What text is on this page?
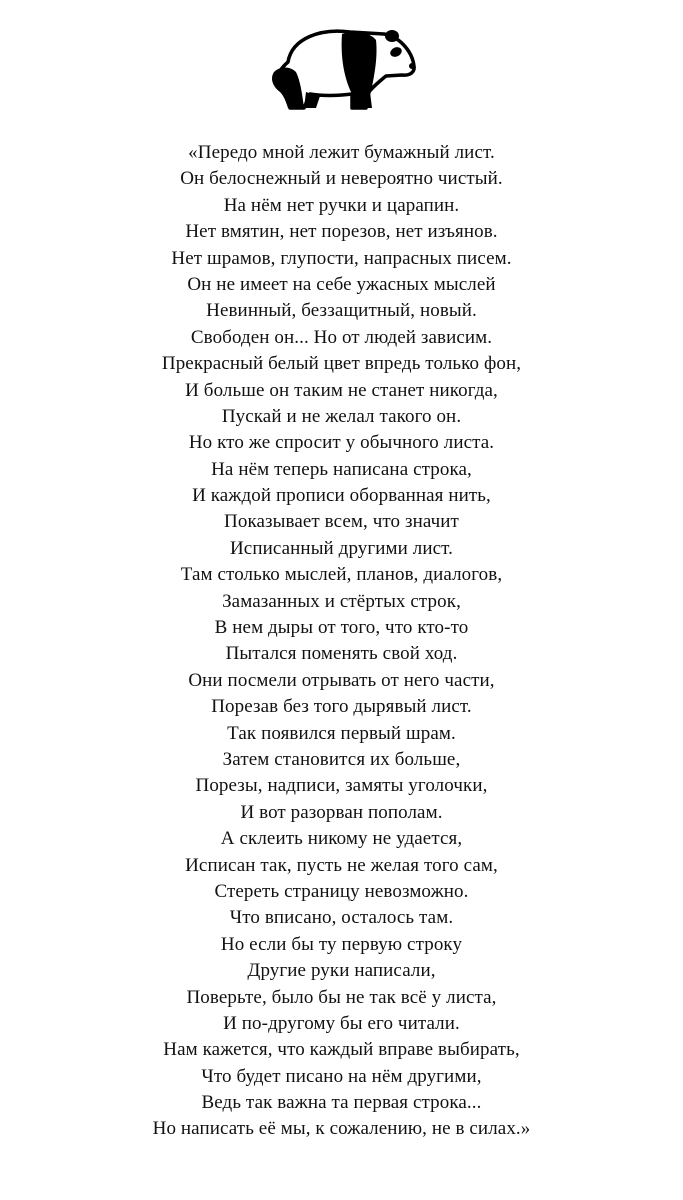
«Передо мной лежит бумажный лист.
Он белоснежный и невероятно чистый.
На нём нет ручки и царапин.
Нет вмятин, нет порезов, нет изъянов.
Нет шрамов, глупости, напрасных писем.
Он не имеет на себе ужасных мыслей
Невинный, беззащитный, новый.
Свободен он... Но от людей зависим.
Прекрасный белый цвет впредь только фон,
И больше он таким не станет никогда,
Пускай и не желал такого он.
Но кто же спросит у обычного листа.
На нём теперь написана строка,
И каждой прописи оборванная нить,
Показывает всем, что значит
Исписанный другими лист.
Там столько мыслей, планов, диалогов,
Замазанных и стёртых строк,
В нем дыры от того, что кто-то
Пытался поменять свой ход.
Они посмели отрывать от него части,
Порезав без того дырявый лист.
Так появился первый шрам.
Затем становится их больше,
Порезы, надписи, замяты уголочки,
И вот разорван пополам.
А склеить никому не удается,
Исписан так, пусть не желая того сам,
Стереть страницу невозможно.
Что вписано, осталось там.
Но если бы ту первую строку
Другие руки написали,
Поверьте, было бы не так всё у листа,
И по-другому бы его читали.
Нам кажется, что каждый вправе выбирать,
Что будет писано на нём другими,
Ведь так важна та первая строка...
Но написать её мы, к сожалению, не в силах.»
